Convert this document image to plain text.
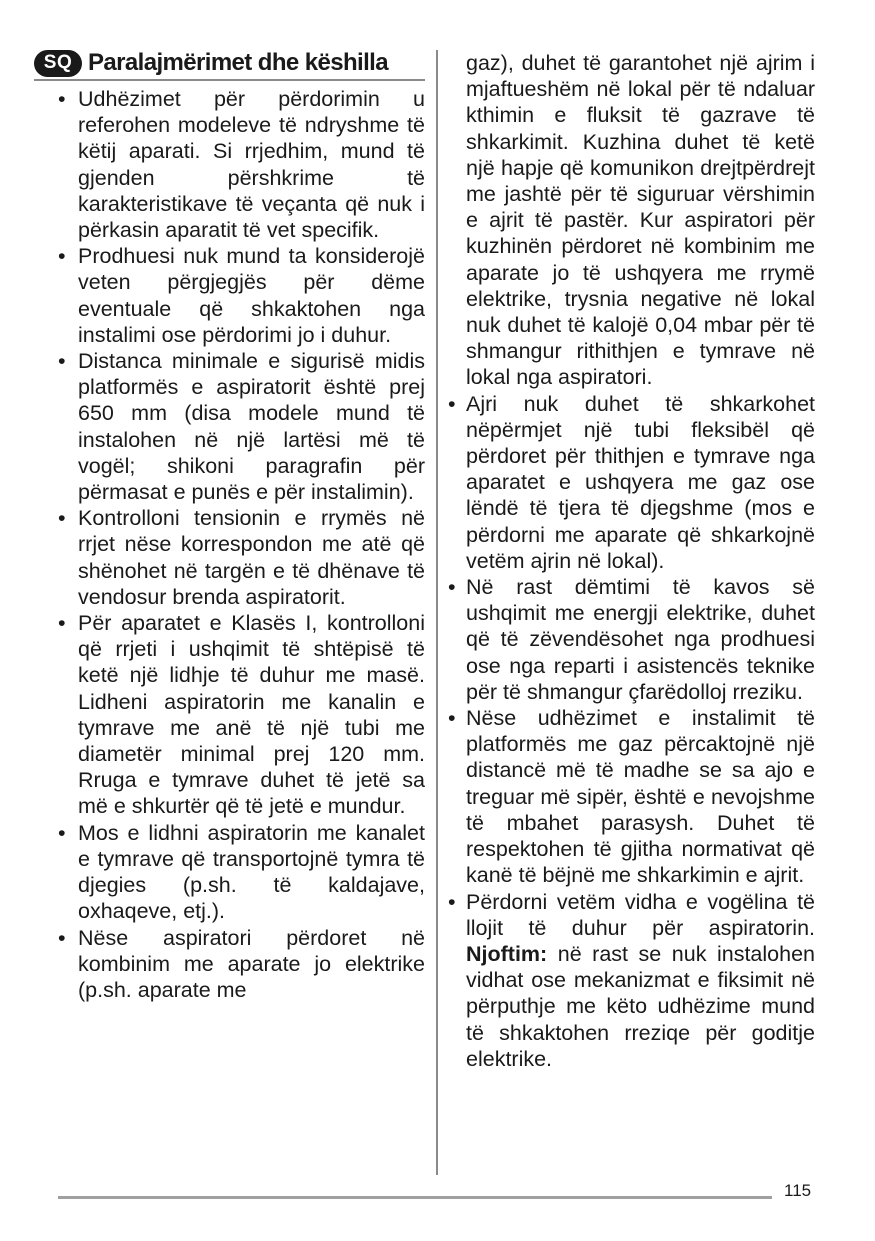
SQ Paralajmërimet dhe këshilla
• Udhëzimet për përdorimin u referohen modeleve të ndryshme të këtij aparati. Si rrjedhim, mund të gjenden përshkrime të karakteristikave të veçanta që nuk i përkasin aparatit të vet specifik.
• Prodhuesi nuk mund ta konsiderojë veten përgjegjës për dëme eventuale që shkaktohen nga instalimi ose përdorimi jo i duhur.
• Distanca minimale e sigurisë midis platformës e aspiratorit është prej 650 mm (disa modele mund të instalohen në një lartësi më të vogël; shikoni paragrafin për përmasat e punës e për instalimin).
• Kontrolloni tensionin e rrymës në rrjet nëse korrespondon me atë që shënohet në targën e të dhënave të vendosur brenda aspiratorit.
• Për aparatet e Klasës I, kontrolloni që rrjeti i ushqimit të shtëpisë të ketë një lidhje të duhur me masë. Lidheni aspiratorin me kanalin e tymrave me anë të një tubi me diametër minimal prej 120 mm. Rruga e tymrave duhet të jetë sa më e shkurtër që të jetë e mundur.
• Mos e lidhni aspiratorin me kanalet e tymrave që transportojnë tymra të djegies (p.sh. të kaldajave, oxhaqeve, etj.).
• Nëse aspiratori përdoret në kombinim me aparate jo elektrike (p.sh. aparate me
gaz), duhet të garantohet një ajrim i mjaftueshëm në lokal për të ndaluar kthimin e fluksit të gazrave të shkarkimit. Kuzhina duhet të ketë një hapje që komunikon drejtpërdrejt me jashtë për të siguruar vërshimin e ajrit të pastër. Kur aspiratori për kuzhinën përdoret në kombinim me aparate jo të ushqyera me rrymë elektrike, trysnia negative në lokal nuk duhet të kalojë 0,04 mbar për të shmangur rithithjen e tymrave në lokal nga aspiratori.
• Ajri nuk duhet të shkarkohet nëpërmjet një tubi fleksibël që përdoret për thithjen e tymrave nga aparatet e ushqyera me gaz ose lëndë të tjera të djegshme (mos e përdorni me aparate që shkarkojnë vetëm ajrin në lokal).
• Në rast dëmtimi të kavos së ushqimit me energji elektrike, duhet që të zëvendësohet nga prodhuesi ose nga reparti i asistencës teknike për të shmangur çfarëdolloj rreziku.
• Nëse udhëzimet e instalimit të platformës me gaz përcaktojnë një distancë më të madhe se sa ajo e treguar më sipër, është e nevojshme të mbahet parasysh. Duhet të respektohen të gjitha normativat që kanë të bëjnë me shkarkimin e ajrit.
• Përdorni vetëm vidha e vogëlina të llojit të duhur për aspiratorin. Njoftim: në rast se nuk instalohen vidhat ose mekanizmat e fiksimit në përputhje me këto udhëzime mund të shkaktohen rreziqe për goditje elektrike.
115
